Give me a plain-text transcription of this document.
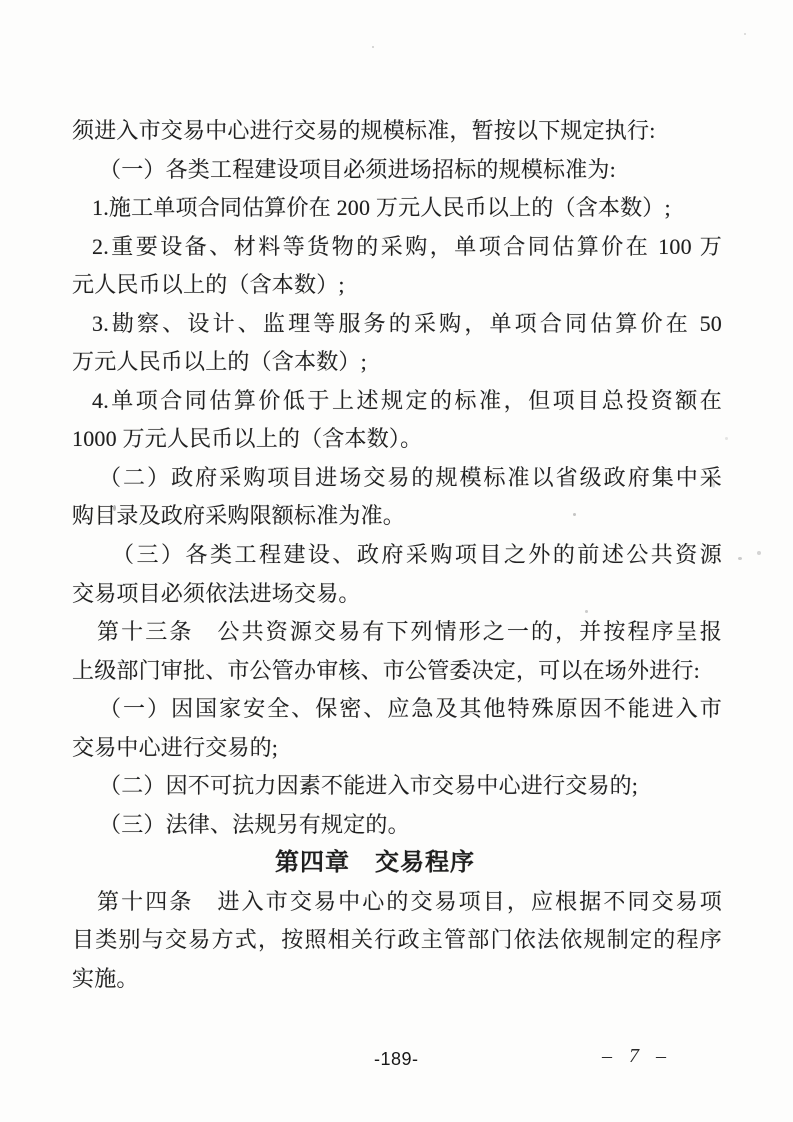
须进入市交易中心进行交易的规模标准，暂按以下规定执行:
（一）各类工程建设项目必须进场招标的规模标准为:
1.施工单项合同估算价在 200 万元人民币以上的（含本数）;
2.重要设备、材料等货物的采购，单项合同估算价在 100 万
元人民币以上的（含本数）;
3.勘察、设计、监理等服务的采购，单项合同估算价在 50
万元人民币以上的（含本数）;
4.单项合同估算价低于上述规定的标准，但项目总投资额在
1000 万元人民币以上的（含本数）。
（二）政府采购项目进场交易的规模标准以省级政府集中采
购目录及政府采购限额标准为准。
（三）各类工程建设、政府采购项目之外的前述公共资源
交易项目必须依法进场交易。
第十三条　公共资源交易有下列情形之一的，并按程序呈报
上级部门审批、市公管办审核、市公管委决定，可以在场外进行:
（一）因国家安全、保密、应急及其他特殊原因不能进入市
交易中心进行交易的;
（二）因不可抗力因素不能进入市交易中心进行交易的;
（三）法律、法规另有规定的。
第四章　交易程序
第十四条　进入市交易中心的交易项目，应根据不同交易项
目类别与交易方式，按照相关行政主管部门依法依规制定的程序
实施。
-189-	– 7 –
